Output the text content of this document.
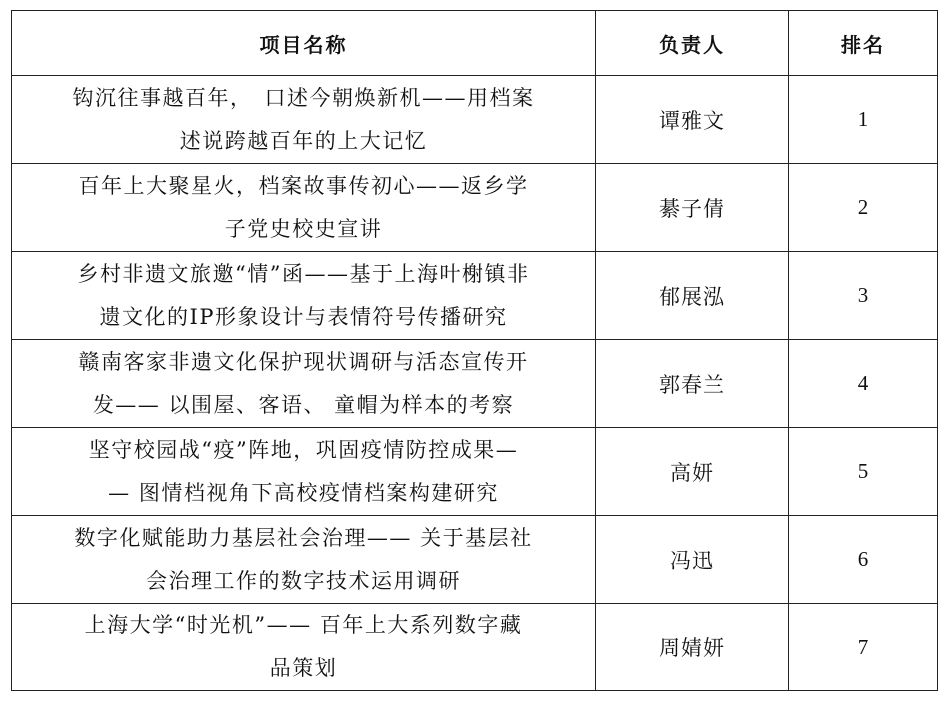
项目名称	负责人	排名

钩沉往事越百年，　口述今朝焕新机——用档案
述说跨越百年的上大记忆	谭雅文	1

百年上大聚星火，档案故事传初心——返乡学
子党史校史宣讲	綦子倩	2

乡村非遗文旅邀“情”函——基于上海叶榭镇非
遗文化的IP形象设计与表情符号传播研究	郁展泓	3

赣南客家非遗文化保护现状调研与活态宣传开
发—— 以围屋、客语、 童帽为样本的考察	郭春兰	4

坚守校园战“疫”阵地，巩固疫情防控成果—
— 图情档视角下高校疫情档案构建研究	高妍	5

数字化赋能助力基层社会治理—— 关于基层社
会治理工作的数字技术运用调研	冯迅	6

上海大学“时光机”—— 百年上大系列数字藏
品策划	周婧妍	7
